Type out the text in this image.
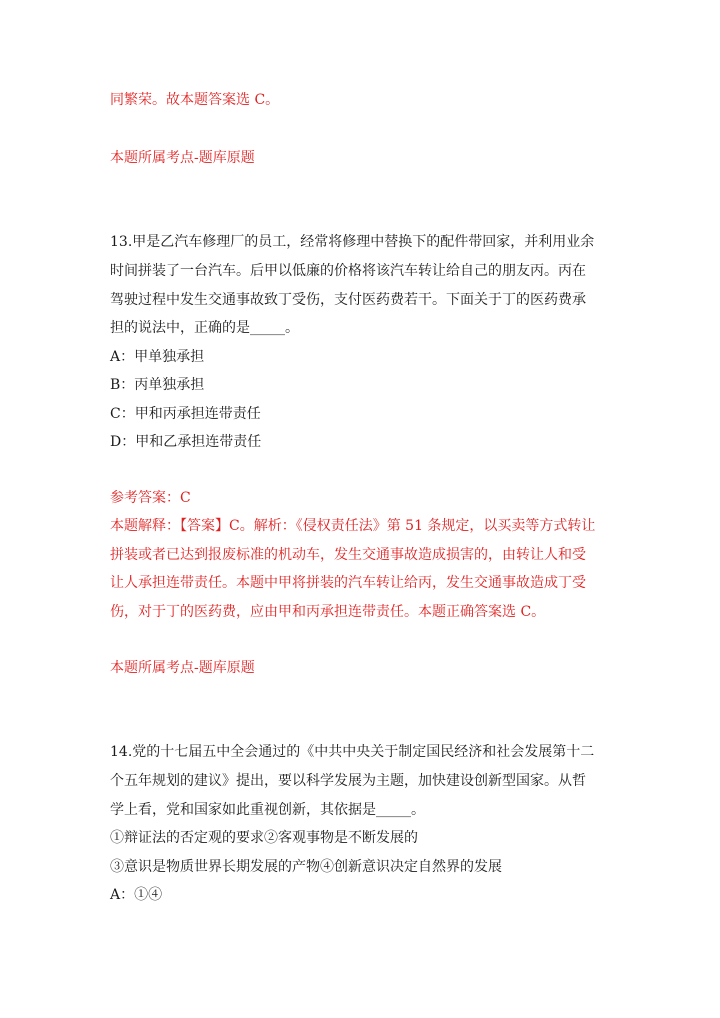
同繁荣。故本题答案选 C。
本题所属考点-题库原题
13.甲是乙汽车修理厂的员工，经常将修理中替换下的配件带回家，并利用业余
时间拼装了一台汽车。后甲以低廉的价格将该汽车转让给自己的朋友丙。丙在
驾驶过程中发生交通事故致丁受伤，支付医药费若干。下面关于丁的医药费承
担的说法中，正确的是_____。
A：甲单独承担
B：丙单独承担
C：甲和丙承担连带责任
D：甲和乙承担连带责任
参考答案：C
本题解释：【答案】C。解析：《侵权责任法》第 51 条规定，以买卖等方式转让
拼装或者已达到报废标准的机动车，发生交通事故造成损害的，由转让人和受
让人承担连带责任。本题中甲将拼装的汽车转让给丙，发生交通事故造成丁受
伤，对于丁的医药费，应由甲和丙承担连带责任。本题正确答案选 C。
本题所属考点-题库原题
14.党的十七届五中全会通过的《中共中央关于制定国民经济和社会发展第十二
个五年规划的建议》提出，要以科学发展为主题，加快建设创新型国家。从哲
学上看，党和国家如此重视创新，其依据是_____。
①辩证法的否定观的要求②客观事物是不断发展的
③意识是物质世界长期发展的产物④创新意识决定自然界的发展
A：①④
